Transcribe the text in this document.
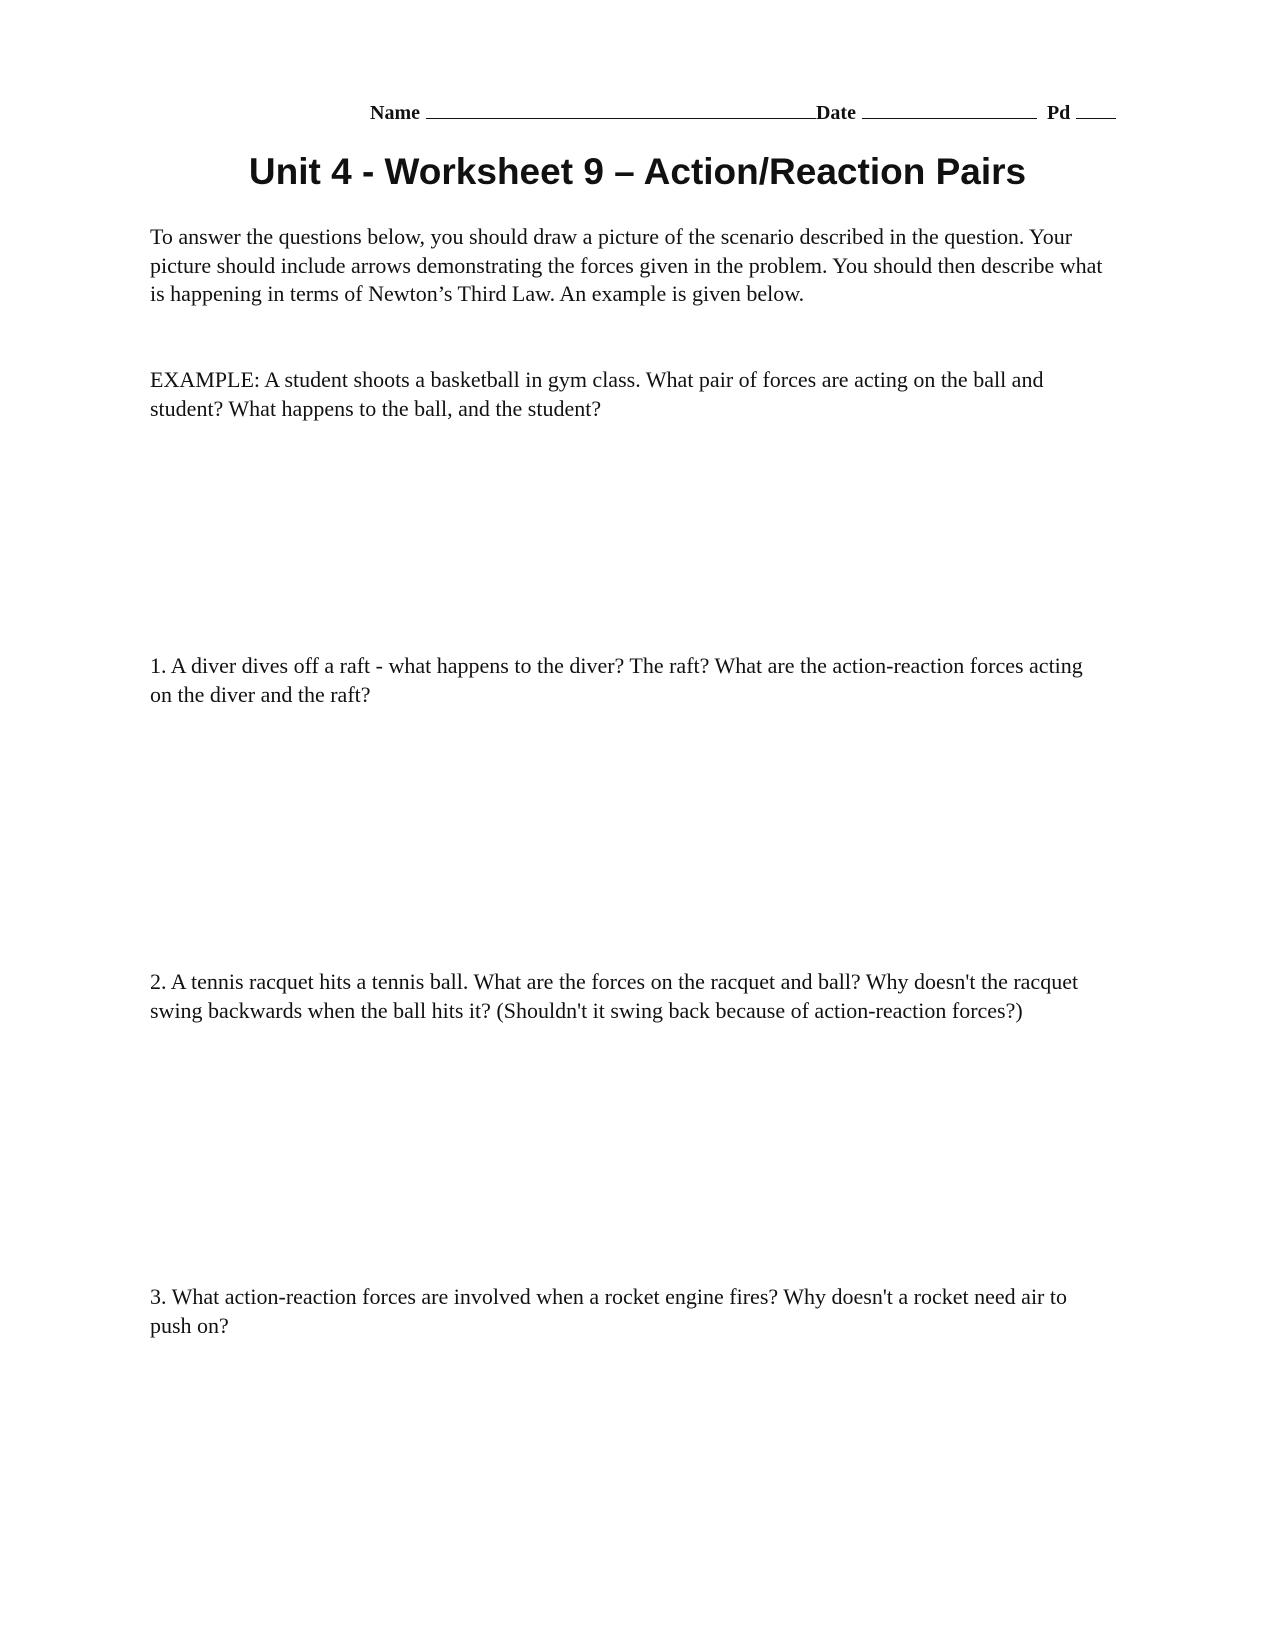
Name	Date	Pd
Unit 4 - Worksheet 9 – Action/Reaction Pairs

To answer the questions below, you should draw a picture of the scenario described in the question. Your picture should include arrows demonstrating the forces given in the problem. You should then describe what is happening in terms of Newton’s Third Law. An example is given below.

EXAMPLE: A student shoots a basketball in gym class. What pair of forces are acting on the ball and student? What happens to the ball, and the student?

1. A diver dives off a raft - what happens to the diver? The raft? What are the action-reaction forces acting on the diver and the raft?

2. A tennis racquet hits a tennis ball. What are the forces on the racquet and ball? Why doesn't the racquet swing backwards when the ball hits it? (Shouldn't it swing back because of action-reaction forces?)

3. What action-reaction forces are involved when a rocket engine fires? Why doesn't a rocket need air to push on?
